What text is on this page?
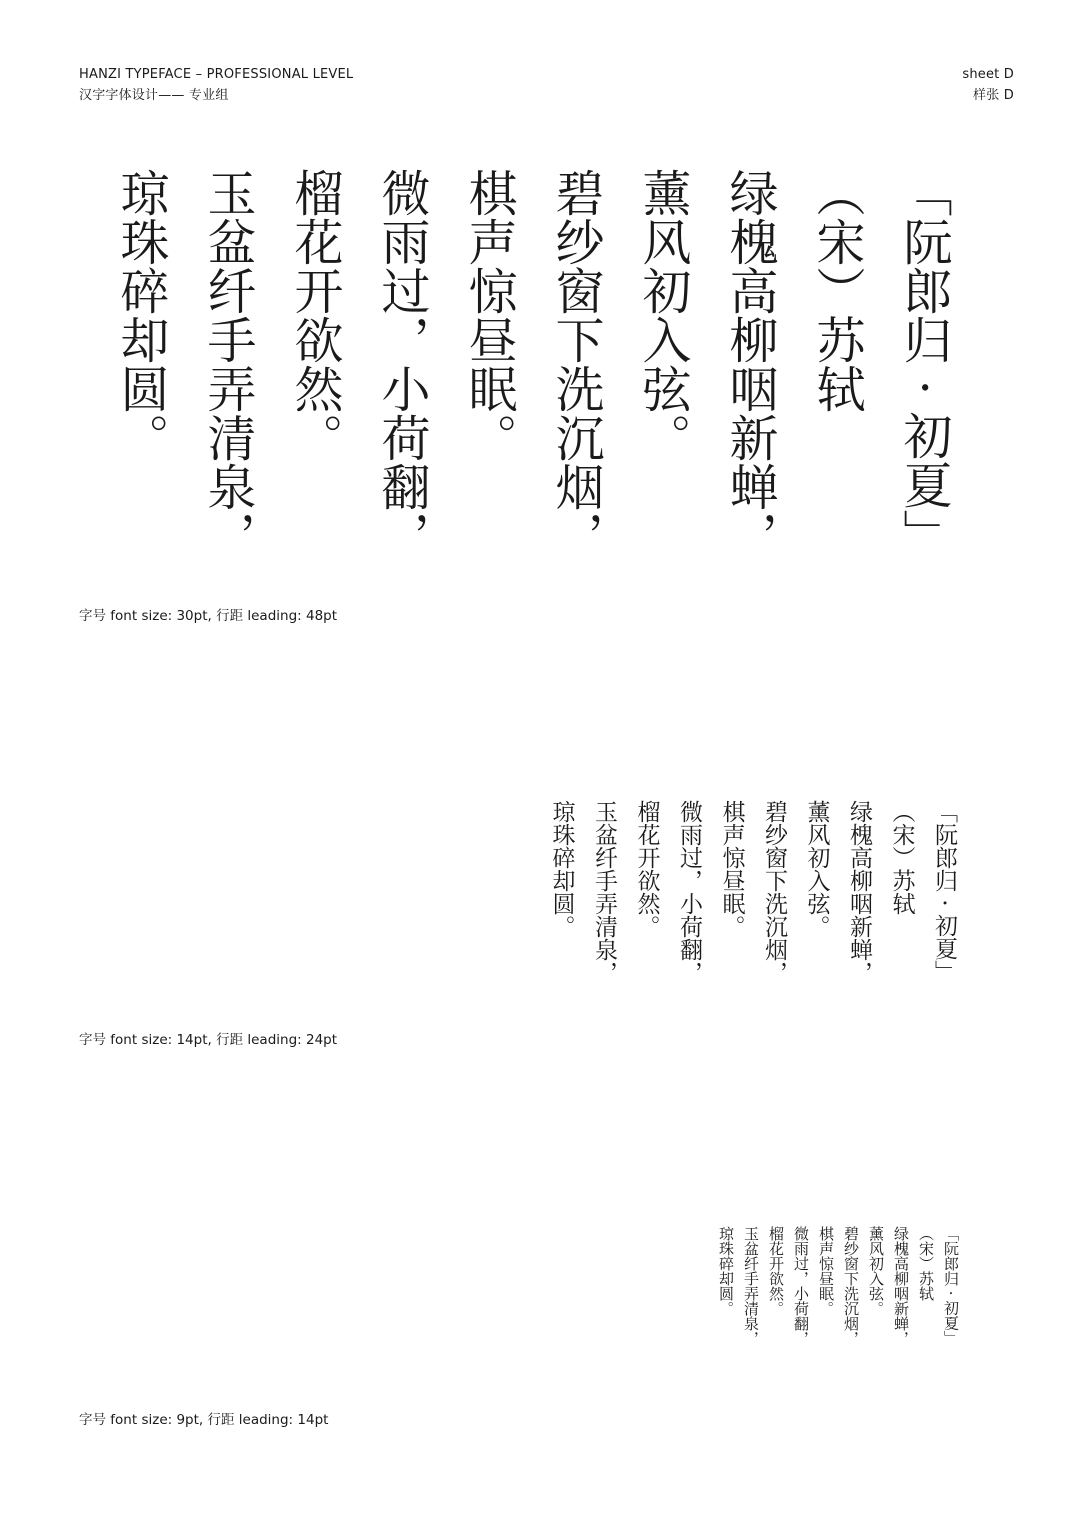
HANZI TYPEFACE – PROFESSIONAL LEVEL
汉字字体设计—— 专业组
sheet D
样张 D
「阮郎归 · 初夏」
（宋）苏轼
绿槐高柳咽新蝉，
薰风初入弦。
碧纱窗下洗沉烟，
棋声惊昼眠。
微雨过，小荷翻，
榴花开欲然。
玉盆纤手弄清泉，
琼珠碎却圆。
字号 font size: 30pt, 行距 leading: 48pt
「阮郎归 · 初夏」
（宋）苏轼
绿槐高柳咽新蝉，
薰风初入弦。
碧纱窗下洗沉烟，
棋声惊昼眠。
微雨过，小荷翻，
榴花开欲然。
玉盆纤手弄清泉，
琼珠碎却圆。
字号 font size: 14pt, 行距 leading: 24pt
「阮郎归 · 初夏」
（宋）苏轼
绿槐高柳咽新蝉，
薰风初入弦。
碧纱窗下洗沉烟，
棋声惊昼眠。
微雨过，小荷翻，
榴花开欲然。
玉盆纤手弄清泉，
琼珠碎却圆。
字号 font size: 9pt, 行距 leading: 14pt
